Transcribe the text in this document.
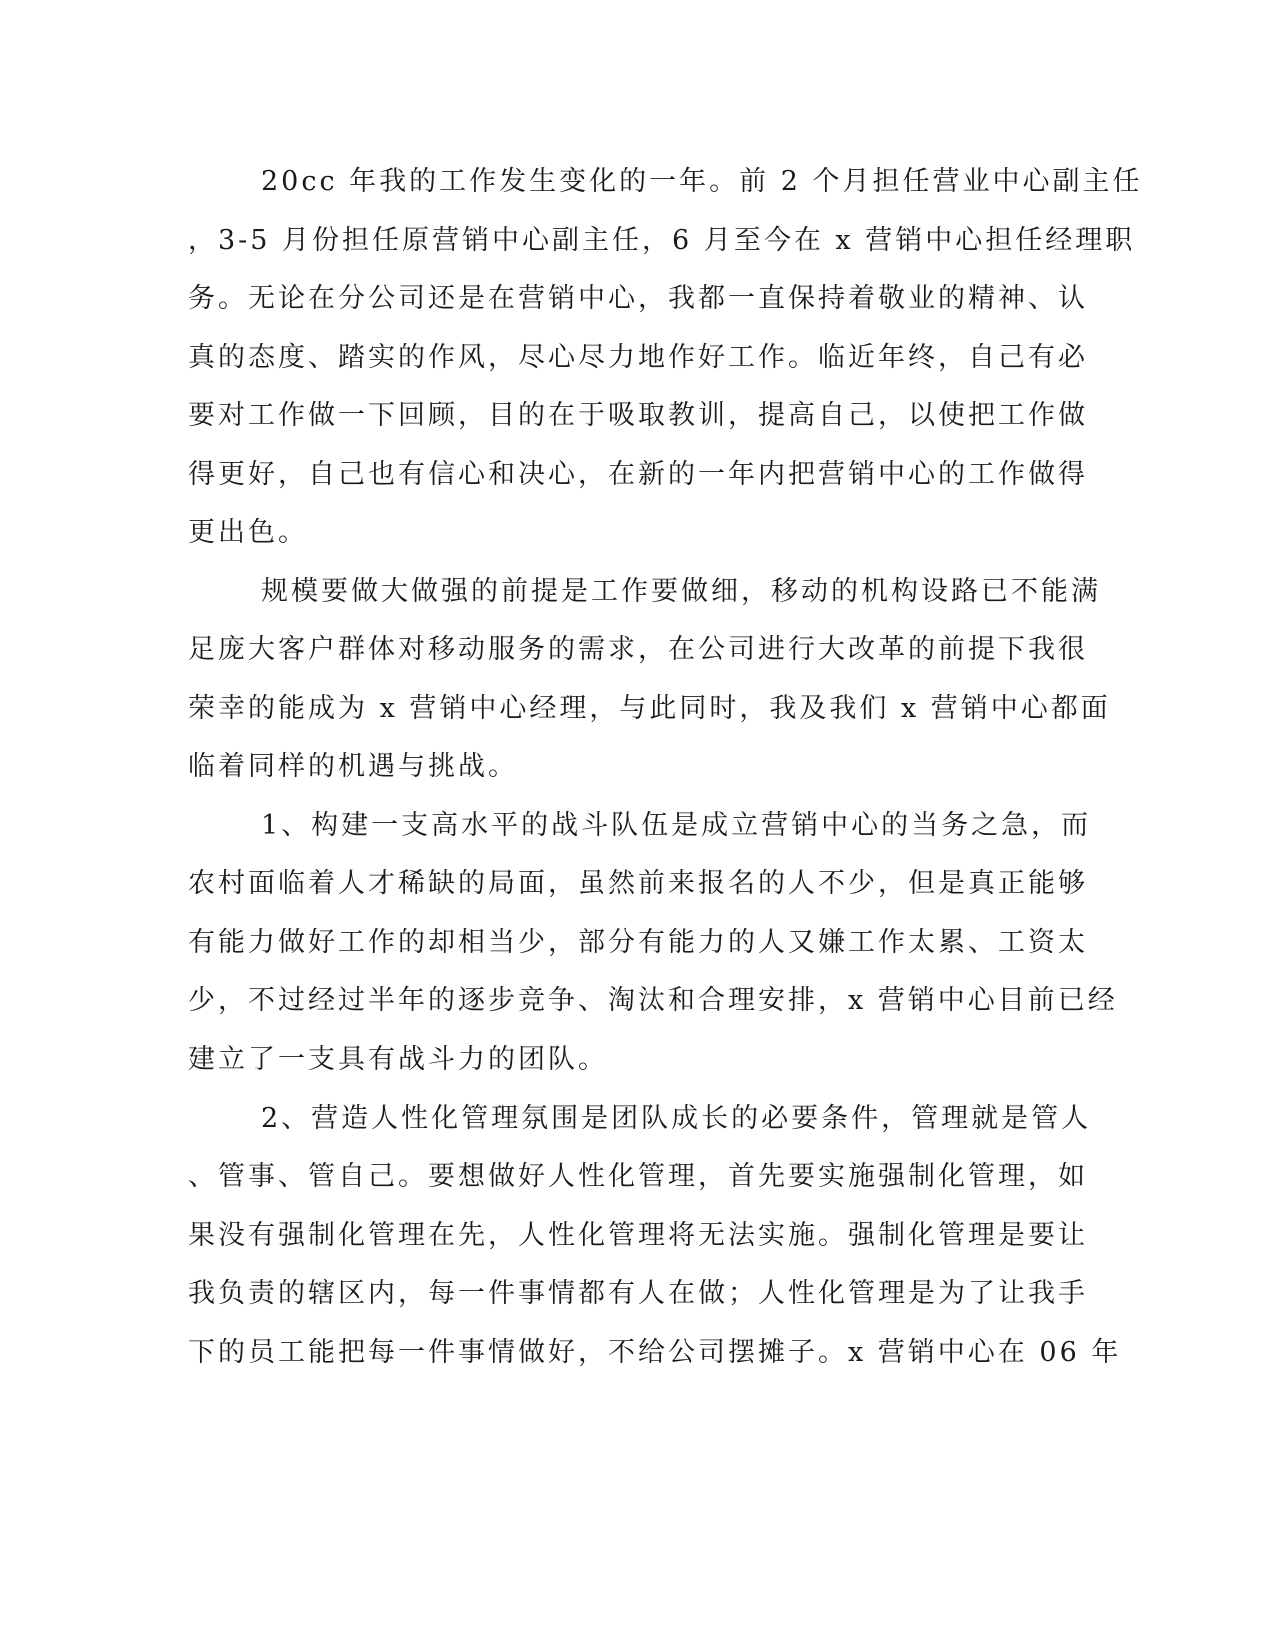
20cc 年我的工作发生变化的一年。前 2 个月担任营业中心副主任
，3-5 月份担任原营销中心副主任，6 月至今在 x 营销中心担任经理职
务。无论在分公司还是在营销中心，我都一直保持着敬业的精神、认
真的态度、踏实的作风，尽心尽力地作好工作。临近年终，自己有必
要对工作做一下回顾，目的在于吸取教训，提高自己，以使把工作做
得更好，自己也有信心和决心，在新的一年内把营销中心的工作做得
更出色。
规模要做大做强的前提是工作要做细，移动的机构设路已不能满
足庞大客户群体对移动服务的需求，在公司进行大改革的前提下我很
荣幸的能成为 x 营销中心经理，与此同时，我及我们 x 营销中心都面
临着同样的机遇与挑战。
1、构建一支高水平的战斗队伍是成立营销中心的当务之急，而
农村面临着人才稀缺的局面，虽然前来报名的人不少，但是真正能够
有能力做好工作的却相当少，部分有能力的人又嫌工作太累、工资太
少，不过经过半年的逐步竞争、淘汰和合理安排，x 营销中心目前已经
建立了一支具有战斗力的团队。
2、营造人性化管理氛围是团队成长的必要条件，管理就是管人
、管事、管自己。要想做好人性化管理，首先要实施强制化管理，如
果没有强制化管理在先，人性化管理将无法实施。强制化管理是要让
我负责的辖区内，每一件事情都有人在做；人性化管理是为了让我手
下的员工能把每一件事情做好，不给公司摆摊子。x 营销中心在 06 年
